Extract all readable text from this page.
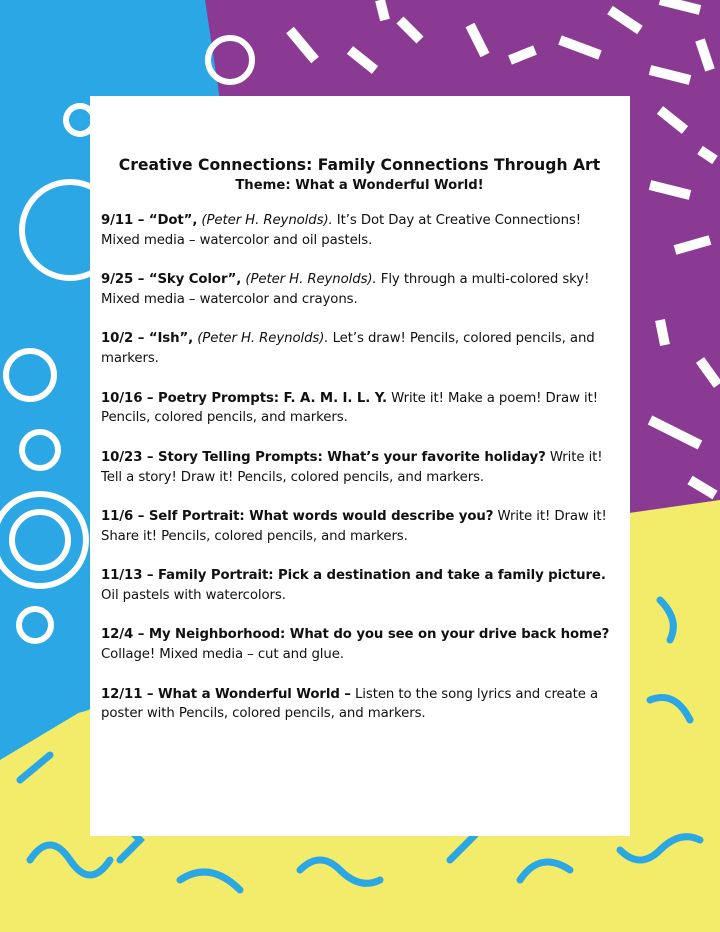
Creative Connections: Family Connections Through Art
Theme: What a Wonderful World!
9/11 – “Dot”, (Peter H. Reynolds). It’s Dot Day at Creative Connections! Mixed media – watercolor and oil pastels.
9/25 – “Sky Color”, (Peter H. Reynolds). Fly through a multi-colored sky! Mixed media – watercolor and crayons.
10/2 – “Ish”, (Peter H. Reynolds). Let’s draw! Pencils, colored pencils, and markers.
10/16 – Poetry Prompts: F. A. M. I. L. Y. Write it! Make a poem! Draw it! Pencils, colored pencils, and markers.
10/23 – Story Telling Prompts: What’s your favorite holiday? Write it! Tell a story! Draw it! Pencils, colored pencils, and markers.
11/6 – Self Portrait: What words would describe you? Write it! Draw it! Share it! Pencils, colored pencils, and markers.
11/13 – Family Portrait: Pick a destination and take a family picture. Oil pastels with watercolors.
12/4 – My Neighborhood: What do you see on your drive back home? Collage! Mixed media – cut and glue.
12/11 – What a Wonderful World – Listen to the song lyrics and create a poster with Pencils, colored pencils, and markers.
